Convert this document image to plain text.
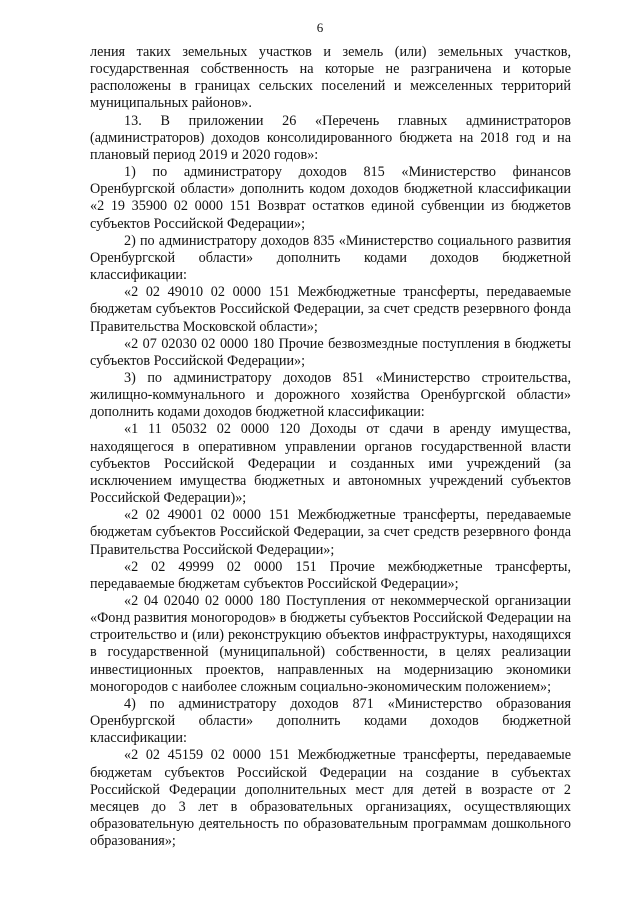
6

ления таких земельных участков и земель (или) земельных участков, государственная собственность на которые не разграничена и которые расположены в границах сельских поселений и межселенных территорий муниципальных районов».

13. В приложении 26 «Перечень главных администраторов (администраторов) доходов консолидированного бюджета на 2018 год и на плановый период 2019 и 2020 годов»:

1) по администратору доходов 815 «Министерство финансов Оренбургской области» дополнить кодом доходов бюджетной классификации «2 19 35900 02 0000 151 Возврат остатков единой субвенции из бюджетов субъектов Российской Федерации»;

2) по администратору доходов 835 «Министерство социального развития Оренбургской области» дополнить кодами доходов бюджетной классификации:

«2 02 49010 02 0000 151 Межбюджетные трансферты, передаваемые бюджетам субъектов Российской Федерации, за счет средств резервного фонда Правительства Московской области»;

«2 07 02030 02 0000 180 Прочие безвозмездные поступления в бюджеты субъектов Российской Федерации»;

3) по администратору доходов 851 «Министерство строительства, жилищно-коммунального и дорожного хозяйства Оренбургской области» дополнить кодами доходов бюджетной классификации:

«1 11 05032 02 0000 120 Доходы от сдачи в аренду имущества, находящегося в оперативном управлении органов государственной власти субъектов Российской Федерации и созданных ими учреждений (за исключением имущества бюджетных и автономных учреждений субъектов Российской Федерации)»;

«2 02 49001 02 0000 151 Межбюджетные трансферты, передаваемые бюджетам субъектов Российской Федерации, за счет средств резервного фонда Правительства Российской Федерации»;

«2 02 49999 02 0000 151 Прочие межбюджетные трансферты, передаваемые бюджетам субъектов Российской Федерации»;

«2 04 02040 02 0000 180 Поступления от некоммерческой организации «Фонд развития моногородов» в бюджеты субъектов Российской Федерации на строительство и (или) реконструкцию объектов инфраструктуры, находящихся в государственной (муниципальной) собственности, в целях реализации инвестиционных проектов, направленных на модернизацию экономики моногородов с наиболее сложным социально-экономическим положением»;

4) по администратору доходов 871 «Министерство образования Оренбургской области» дополнить кодами доходов бюджетной классификации:

«2 02 45159 02 0000 151 Межбюджетные трансферты, передаваемые бюджетам субъектов Российской Федерации на создание в субъектах Российской Федерации дополнительных мест для детей в возрасте от 2 месяцев до 3 лет в образовательных организациях, осуществляющих образовательную деятельность по образовательным программам дошкольного образования»;
